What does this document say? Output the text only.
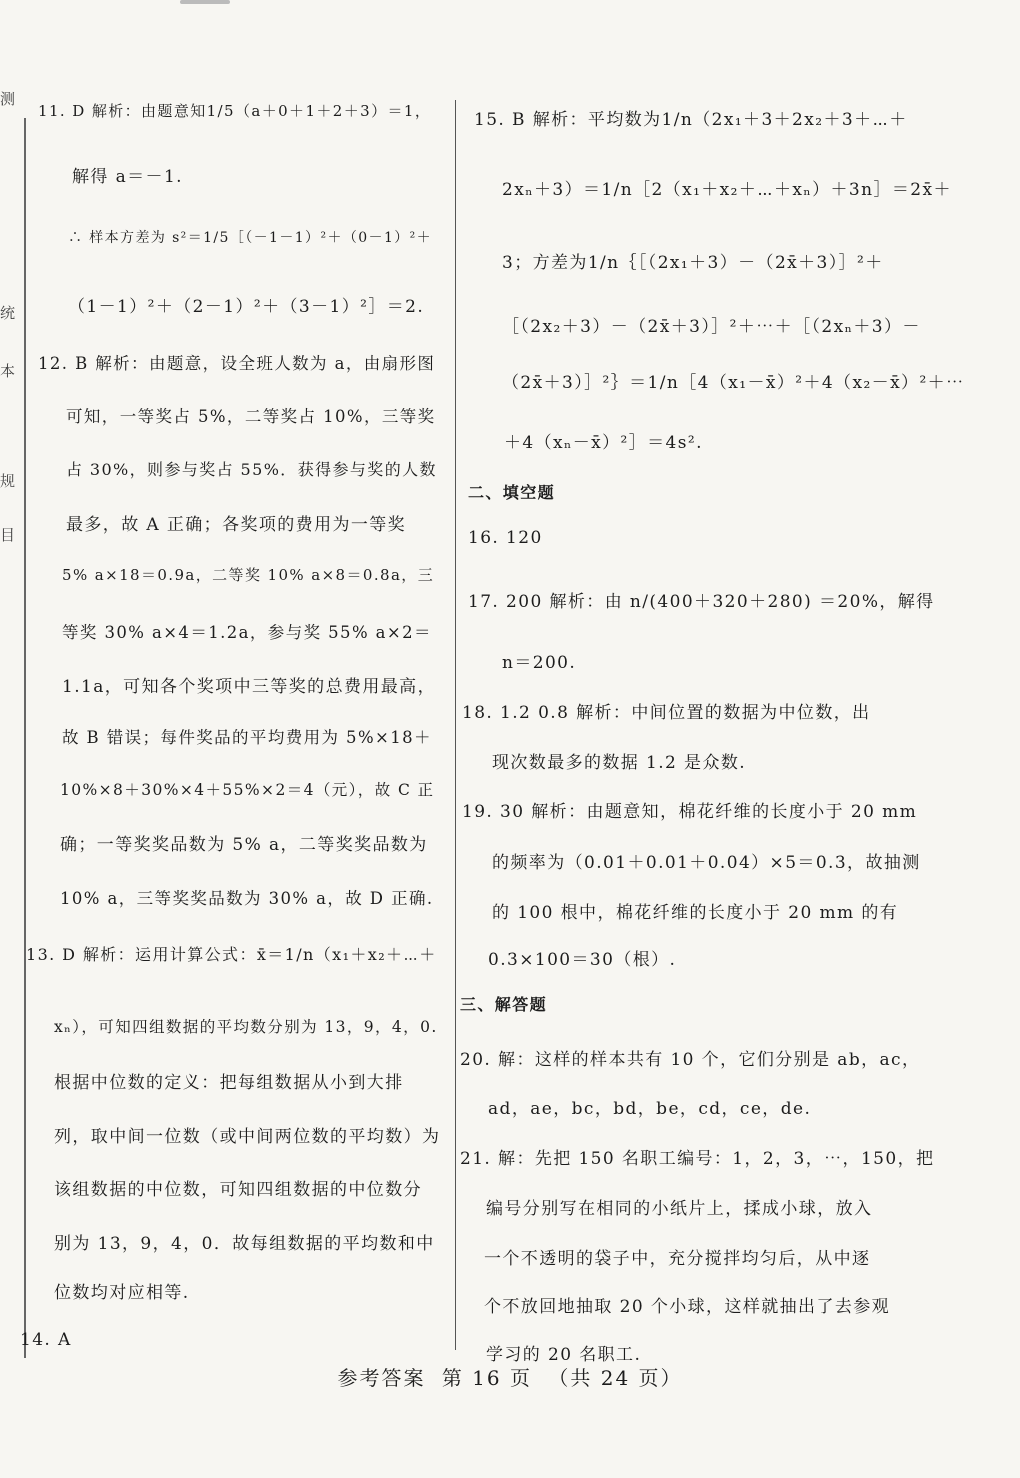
测
统
本
规
目
11. D 解析：由题意知1/5（a＋0＋1＋2＋3）＝1，
解得 a＝－1.
∴ 样本方差为 s²＝1/5［（－1－1）²＋（0－1）²＋
（1－1）²＋（2－1）²＋（3－1）²］＝2.
12. B 解析：由题意，设全班人数为 a，由扇形图
可知，一等奖占 5%，二等奖占 10%，三等奖
占 30%，则参与奖占 55%．获得参与奖的人数
最多，故 A 正确；各奖项的费用为一等奖
5% a×18＝0.9a，二等奖 10% a×8＝0.8a，三
等奖 30% a×4＝1.2a，参与奖 55% a×2＝
1.1a，可知各个奖项中三等奖的总费用最高，
故 B 错误；每件奖品的平均费用为 5%×18＋
10%×8＋30%×4＋55%×2＝4（元），故 C 正
确；一等奖奖品数为 5% a，二等奖奖品数为
10% a，三等奖奖品数为 30% a，故 D 正确.
13. D 解析：运用计算公式：x̄＝1/n（x₁＋x₂＋⋯＋
xₙ），可知四组数据的平均数分别为 13，9，4，0.
根据中位数的定义：把每组数据从小到大排
列，取中间一位数（或中间两位数的平均数）为
该组数据的中位数，可知四组数据的中位数分
别为 13，9，4，0．故每组数据的平均数和中
位数均对应相等.
14. A
15. B 解析：平均数为1/n（2x₁＋3＋2x₂＋3＋⋯＋
2xₙ＋3）＝1/n［2（x₁＋x₂＋⋯＋xₙ）＋3n］＝2x̄＋
3；方差为1/n｛［（2x₁＋3）－（2x̄＋3）］²＋
［（2x₂＋3）－（2x̄＋3）］²＋⋯＋［（2xₙ＋3）－
（2x̄＋3）］²｝＝1/n［4（x₁－x̄）²＋4（x₂－x̄）²＋⋯
＋4（xₙ－x̄）²］＝4s².
二、填空题
16. 120
17. 200 解析：由 n/(400＋320＋280) ＝20%，解得
n＝200.
18. 1.2 0.8 解析：中间位置的数据为中位数，出
现次数最多的数据 1.2 是众数.
19. 30 解析：由题意知，棉花纤维的长度小于 20 mm
的频率为（0.01＋0.01＋0.04）×5＝0.3，故抽测
的 100 根中，棉花纤维的长度小于 20 mm 的有
0.3×100＝30（根）.
三、解答题
20. 解：这样的样本共有 10 个，它们分别是 ab，ac，
ad，ae，bc，bd，be，cd，ce，de.
21. 解：先把 150 名职工编号：1，2，3，⋯，150，把
编号分别写在相同的小纸片上，揉成小球，放入
一个不透明的袋子中，充分搅拌均匀后，从中逐
个不放回地抽取 20 个小球，这样就抽出了去参观
学习的 20 名职工.
参考答案 第 16 页 （共 24 页）
